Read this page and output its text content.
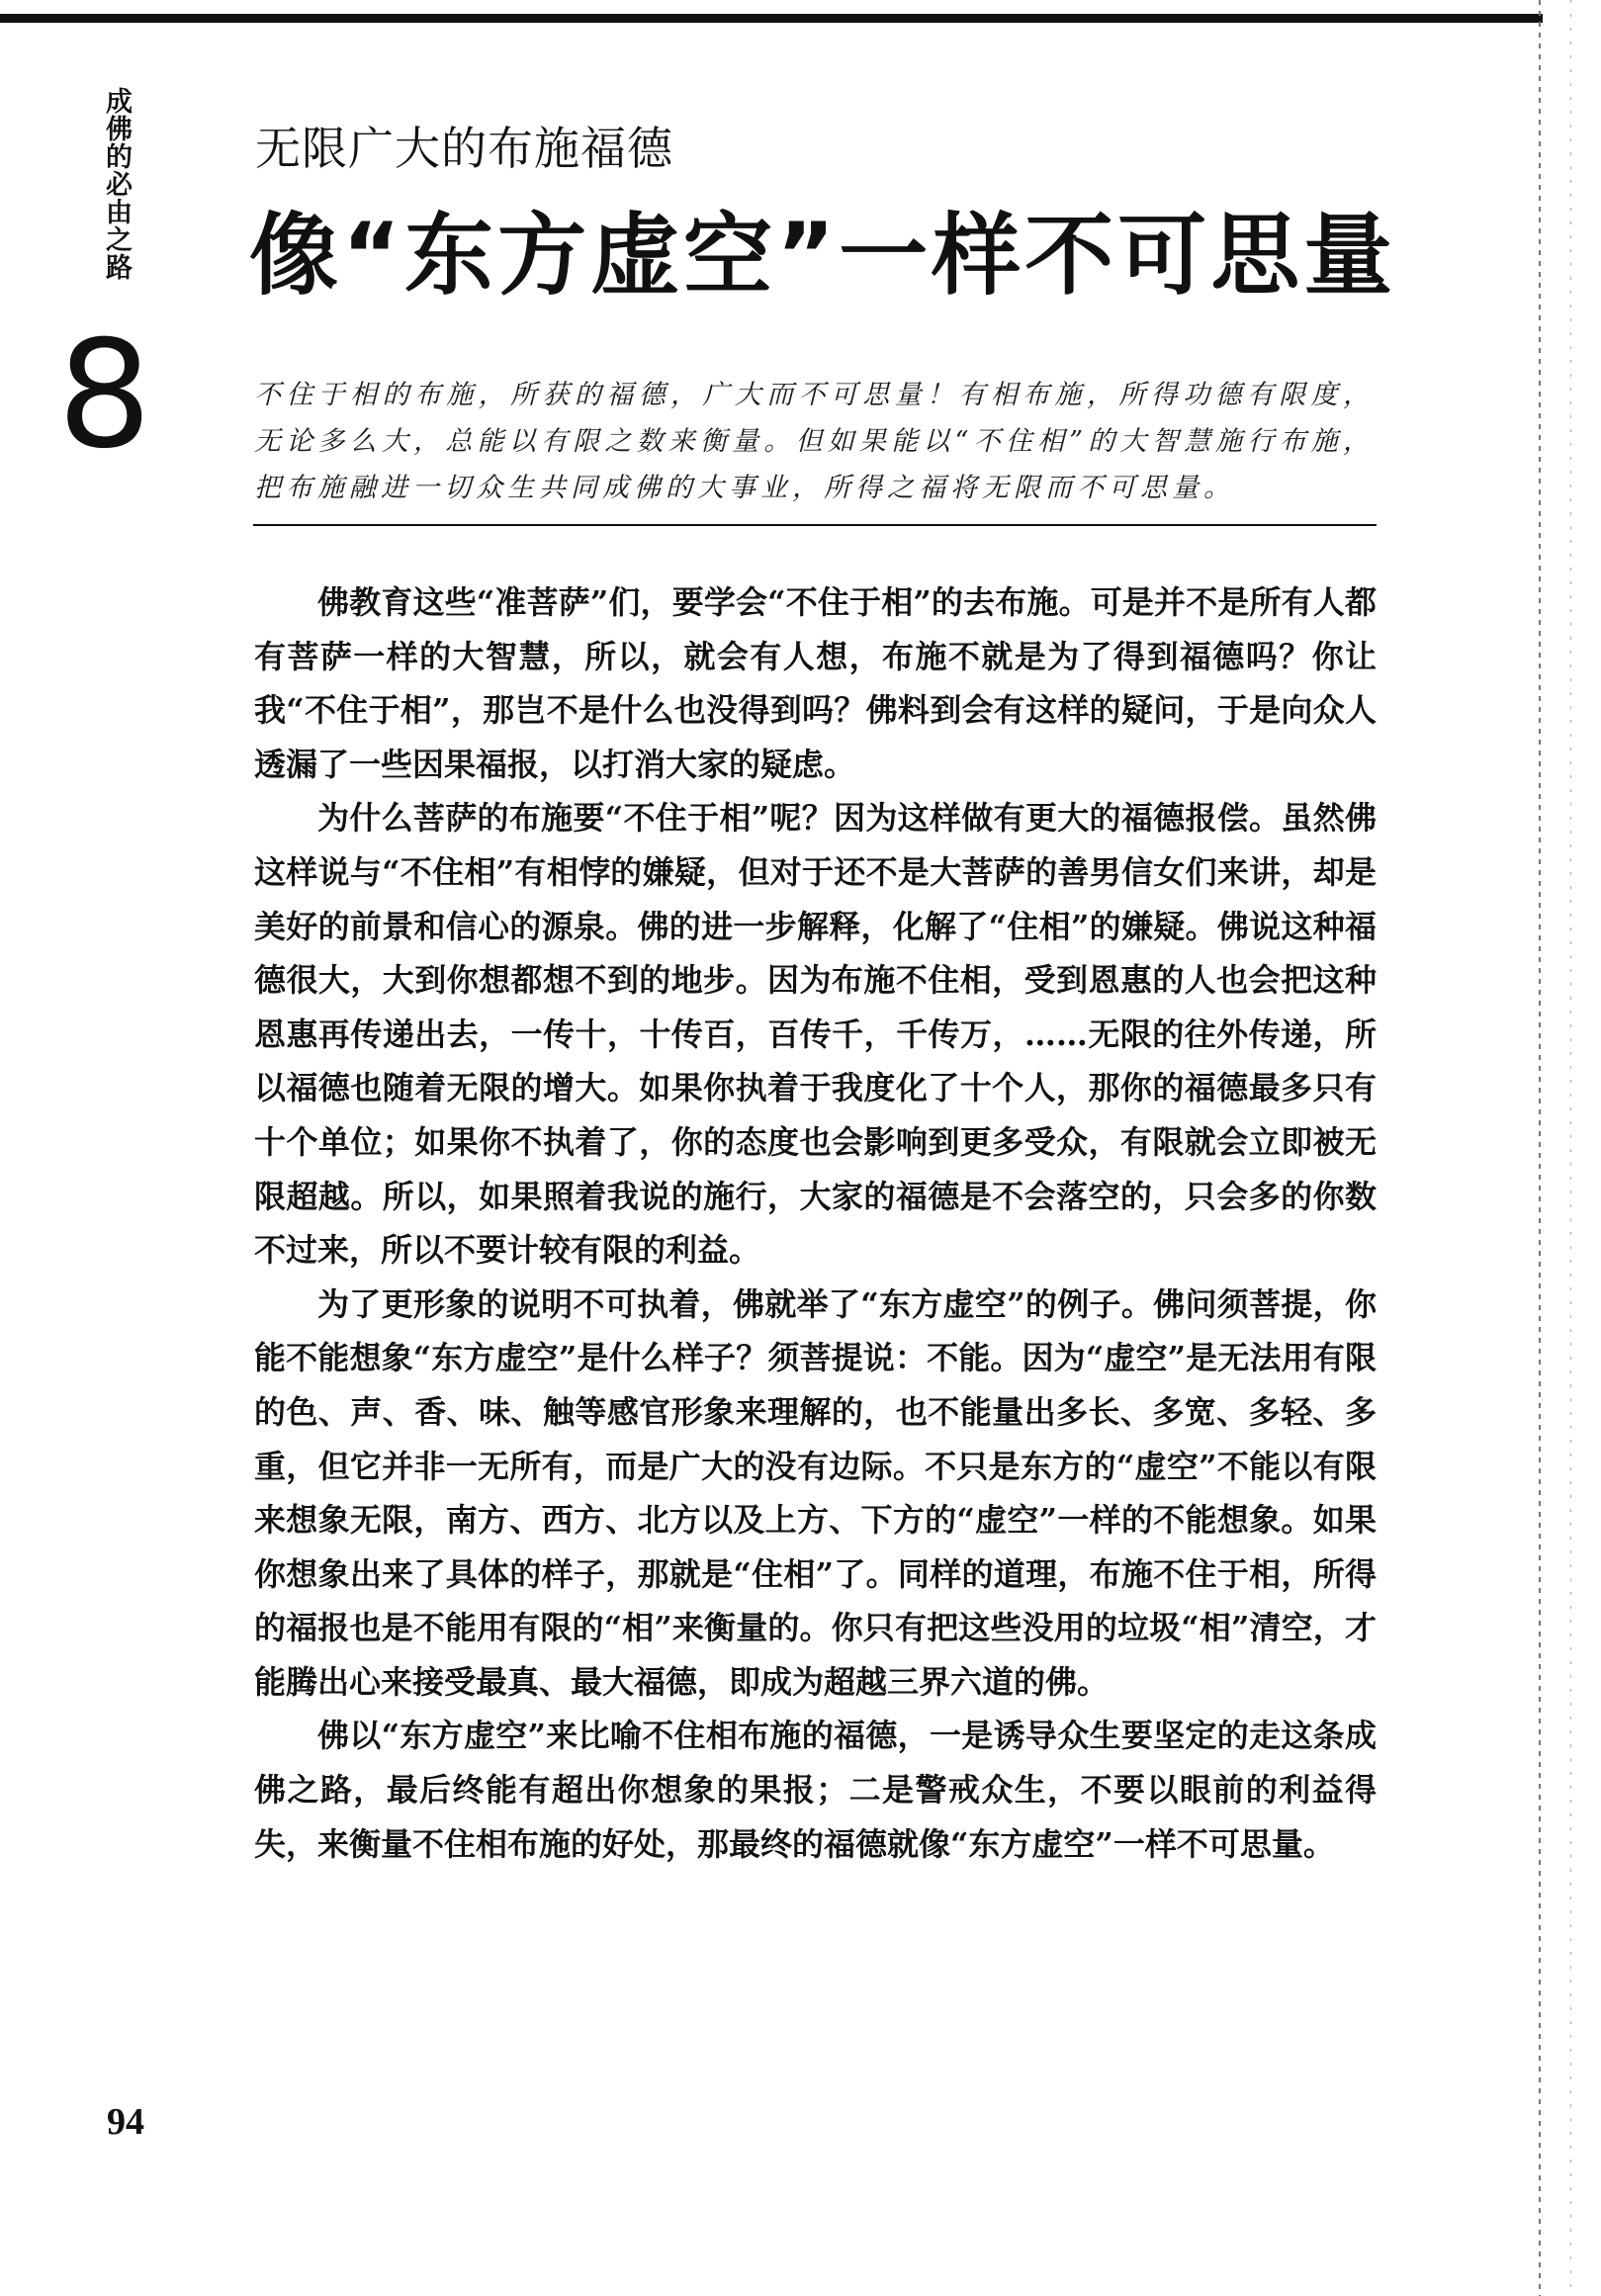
成佛的必由之路
8
无限广大的布施福德
像“东方虚空”一样不可思量
不住于相的布施，所获的福德，广大而不可思量！有相布施，所得功德有限度，无论多么大，总能以有限之数来衡量。但如果能以“不住相”的大智慧施行布施，把布施融进一切众生共同成佛的大事业，所得之福将无限而不可思量。

佛教育这些“准菩萨”们，要学会“不住于相”的去布施。可是并不是所有人都有菩萨一样的大智慧，所以，就会有人想，布施不就是为了得到福德吗？你让我“不住于相”，那岂不是什么也没得到吗？佛料到会有这样的疑问，于是向众人透漏了一些因果福报，以打消大家的疑虑。

为什么菩萨的布施要“不住于相”呢？因为这样做有更大的福德报偿。虽然佛这样说与“不住相”有相悖的嫌疑，但对于还不是大菩萨的善男信女们来讲，却是美好的前景和信心的源泉。佛的进一步解释，化解了“住相”的嫌疑。佛说这种福德很大，大到你想都想不到的地步。因为布施不住相，受到恩惠的人也会把这种恩惠再传递出去，一传十，十传百，百传千，千传万，……无限的往外传递，所以福德也随着无限的增大。如果你执着于我度化了十个人，那你的福德最多只有十个单位；如果你不执着了，你的态度也会影响到更多受众，有限就会立即被无限超越。所以，如果照着我说的施行，大家的福德是不会落空的，只会多的你数不过来，所以不要计较有限的利益。

为了更形象的说明不可执着，佛就举了“东方虚空”的例子。佛问须菩提，你能不能想象“东方虚空”是什么样子？须菩提说：不能。因为“虚空”是无法用有限的色、声、香、味、触等感官形象来理解的，也不能量出多长、多宽、多轻、多重，但它并非一无所有，而是广大的没有边际。不只是东方的“虚空”不能以有限来想象无限，南方、西方、北方以及上方、下方的“虚空”一样的不能想象。如果你想象出来了具体的样子，那就是“住相”了。同样的道理，布施不住于相，所得的福报也是不能用有限的“相”来衡量的。你只有把这些没用的垃圾“相”清空，才能腾出心来接受最真、最大福德，即成为超越三界六道的佛。

佛以“东方虚空”来比喻不住相布施的福德，一是诱导众生要坚定的走这条成佛之路，最后终能有超出你想象的果报；二是警戒众生，不要以眼前的利益得失，来衡量不住相布施的好处，那最终的福德就像“东方虚空”一样不可思量。

94
